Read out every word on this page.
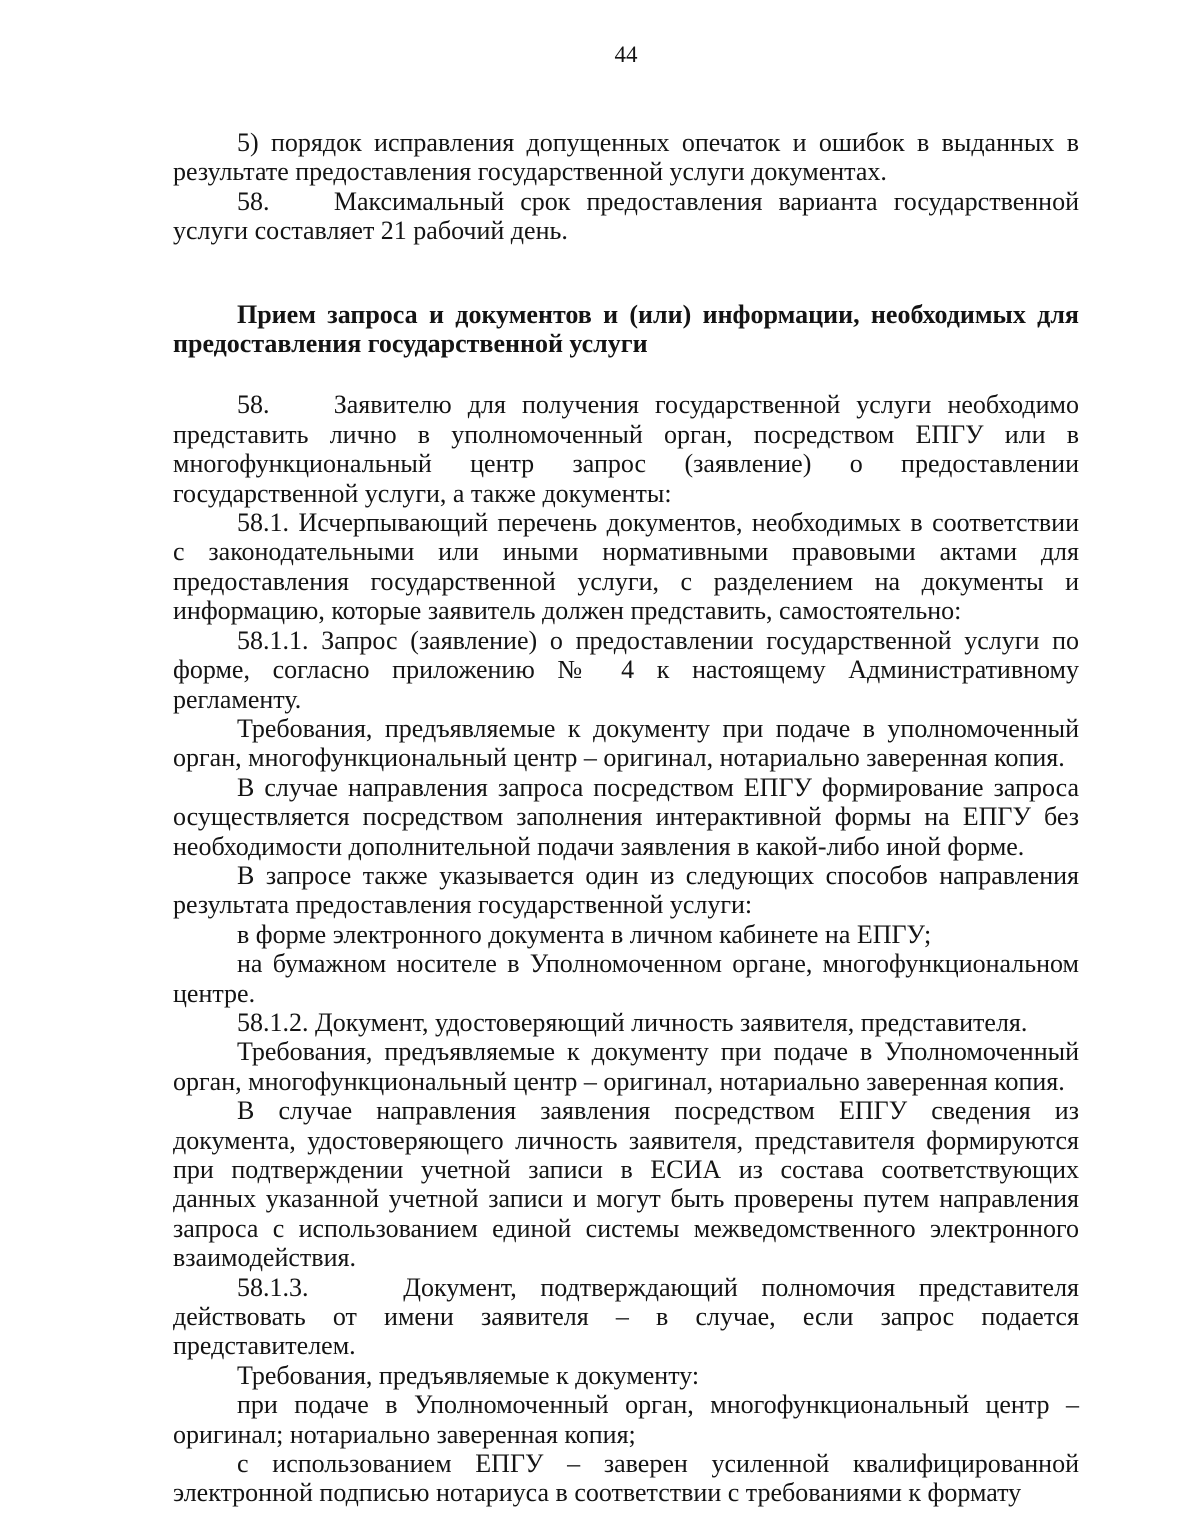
44

5) порядок исправления допущенных опечаток и ошибок в выданных в результате предоставления государственной услуги документах.

58.    Максимальный срок предоставления варианта государственной услуги составляет 21 рабочий день.

Прием запроса и документов и (или) информации, необходимых для предоставления государственной услуги

58.    Заявителю для получения государственной услуги необходимо представить лично в уполномоченный орган, посредством ЕПГУ или в многофункциональный центр запрос (заявление) о предоставлении государственной услуги, а также документы:

58.1. Исчерпывающий перечень документов, необходимых в соответствии с законодательными или иными нормативными правовыми актами для предоставления государственной услуги, с разделением на документы и информацию, которые заявитель должен представить, самостоятельно:

58.1.1. Запрос (заявление) о предоставлении государственной услуги по форме, согласно приложению № 4 к настоящему Административному регламенту.

Требования, предъявляемые к документу при подаче в уполномоченный орган, многофункциональный центр – оригинал, нотариально заверенная копия.

В случае направления запроса посредством ЕПГУ формирование запроса осуществляется посредством заполнения интерактивной формы на ЕПГУ без необходимости дополнительной подачи заявления в какой-либо иной форме.

В запросе также указывается один из следующих способов направления результата предоставления государственной услуги:

в форме электронного документа в личном кабинете на ЕПГУ;

на бумажном носителе в Уполномоченном органе, многофункциональном центре.

58.1.2. Документ, удостоверяющий личность заявителя, представителя.

Требования, предъявляемые к документу при подаче в Уполномоченный орган, многофункциональный центр – оригинал, нотариально заверенная копия.

В случае направления заявления посредством ЕПГУ сведения из документа, удостоверяющего личность заявителя, представителя формируются при подтверждении учетной записи в ЕСИА из состава соответствующих данных указанной учетной записи и могут быть проверены путем направления запроса с использованием единой системы межведомственного электронного взаимодействия.

58.1.3.    Документ, подтверждающий полномочия представителя действовать от имени заявителя – в случае, если запрос подается представителем.

Требования, предъявляемые к документу:

при подаче в Уполномоченный орган, многофункциональный центр – оригинал; нотариально заверенная копия;

с использованием ЕПГУ – заверен усиленной квалифицированной электронной подписью нотариуса в соответствии с требованиями к формату
